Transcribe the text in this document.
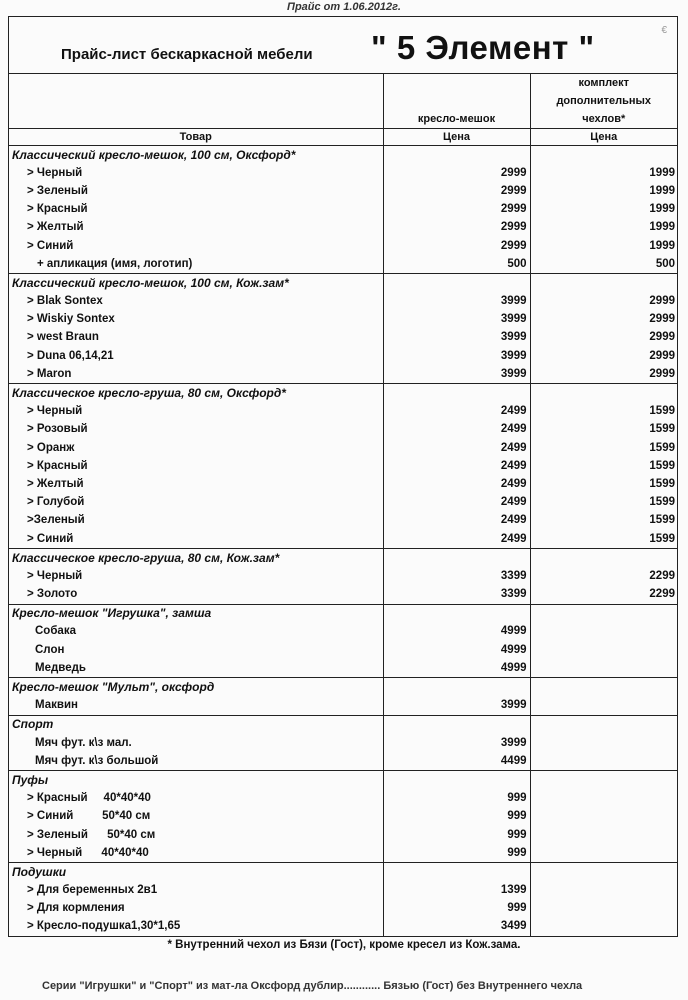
Прайс от 1.06.2012г.
Прайс-лист бескаркасной мебели " 5 Элемент "	€
	кресло-мешок	комплект дополнительных чехлов*
Товар	Цена	Цена
Классический кресло-мешок, 100 см, Оксфорд*		
> Черный	2999	1999
> Зеленый	2999	1999
> Красный	2999	1999
> Желтый	2999	1999
> Синий	2999	1999
+ апликация (имя, логотип)	500	500
Классический кресло-мешок, 100 см, Кож.зам*		
> Blak Sontex	3999	2999
> Wiskiy Sontex	3999	2999
> west Braun	3999	2999
> Duna 06,14,21	3999	2999
> Maron	3999	2999
Классическое кресло-груша, 80 см, Оксфорд*		
> Черный	2499	1599
> Розовый	2499	1599
> Оранж	2499	1599
> Красный	2499	1599
> Желтый	2499	1599
> Голубой	2499	1599
>Зеленый	2499	1599
> Синий	2499	1599
Классическое кресло-груша, 80 см, Кож.зам*		
> Черный	3399	2299
> Золото	3399	2299
Кресло-мешок "Игрушка", замша		
Собака	4999	
Слон	4999	
Медведь	4999	
Кресло-мешок "Мульт", оксфорд		
Маквин	3999	
Спорт		
Мяч фут. к\з мал.	3999	
Мяч фут. к\з большой	4499	
Пуфы		
> Красный     40*40*40	999	
> Синий         50*40 см	999	
> Зеленый      50*40 см	999	
> Черный      40*40*40	999	
Подушки		
> Для беременных 2в1	1399	
> Для кормления	999	
> Кресло-подушка1,30*1,65	3499	
* Внутренний чехол из Бязи (Гост), кроме кресел из Кож.зама.
Серии "Игрушки" и "Спорт" из мат-ла Оксфорд дублир............ Бязью (Гост) без Внутреннего чехла
